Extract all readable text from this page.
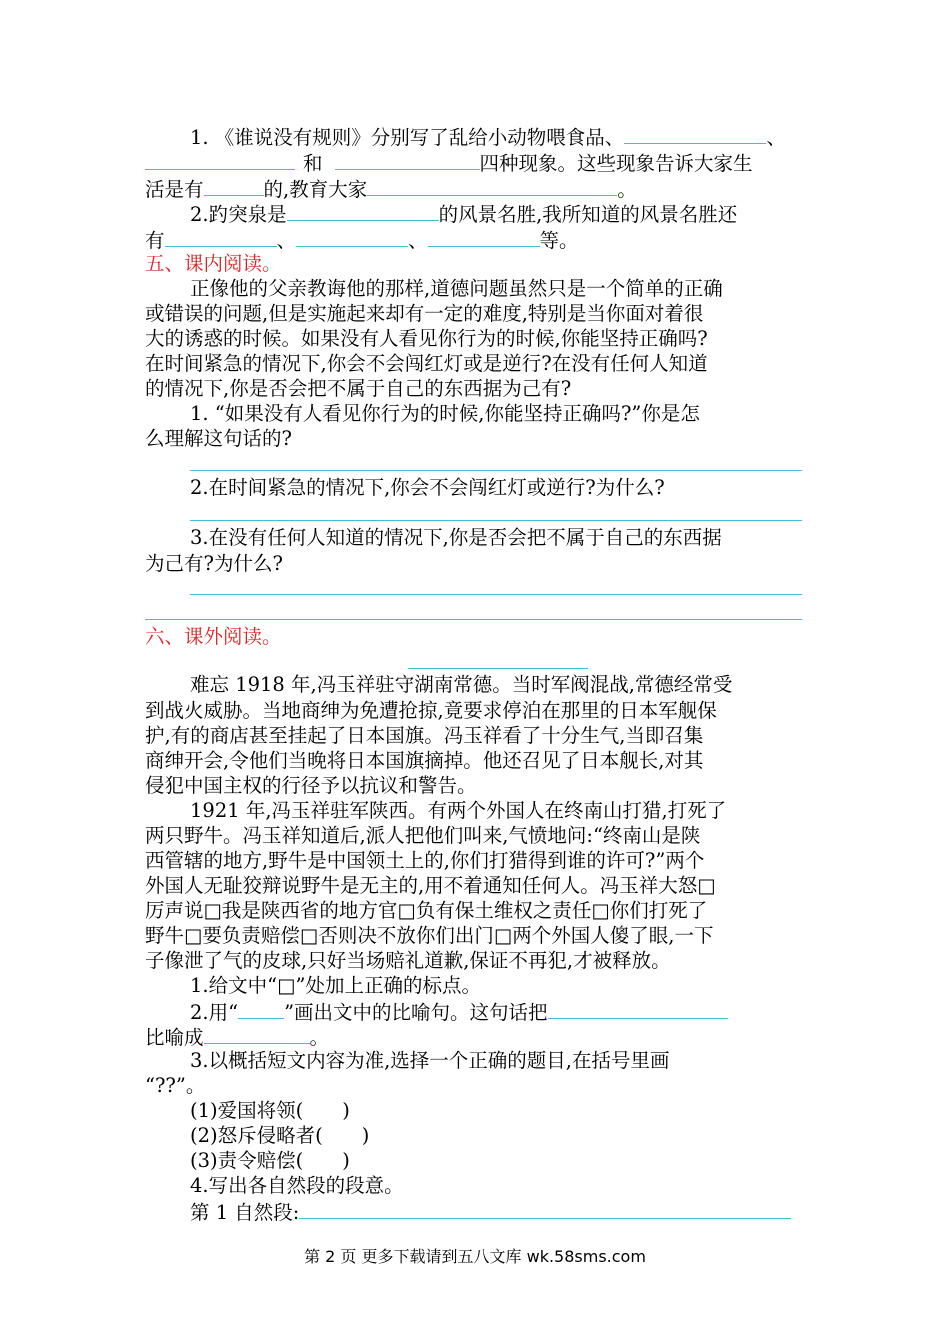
1. 《谁说没有规则》分别写了乱给小动物喂食品、	、
和	四种现象。这些现象告诉大家生
活是有	的,教育大家	。
2.趵突泉是	的风景名胜,我所知道的风景名胜还
有	、	、	等。
五、课内阅读。
正像他的父亲教诲他的那样,道德问题虽然只是一个简单的正确
或错误的问题,但是实施起来却有一定的难度,特别是当你面对着很
大的诱惑的时候。如果没有人看见你行为的时候,你能坚持正确吗?
在时间紧急的情况下,你会不会闯红灯或是逆行?在没有任何人知道
的情况下,你是否会把不属于自己的东西据为己有?
1. “如果没有人看见你行为的时候,你能坚持正确吗?”你是怎
么理解这句话的?
2.在时间紧急的情况下,你会不会闯红灯或逆行?为什么?
3.在没有任何人知道的情况下,你是否会把不属于自己的东西据
为己有?为什么?
六、课外阅读。
难忘 1918 年,冯玉祥驻守湖南常德。当时军阀混战,常德经常受
到战火威胁。当地商绅为免遭抢掠,竟要求停泊在那里的日本军舰保
护,有的商店甚至挂起了日本国旗。冯玉祥看了十分生气,当即召集
商绅开会,令他们当晚将日本国旗摘掉。他还召见了日本舰长,对其
侵犯中国主权的行径予以抗议和警告。
1921 年,冯玉祥驻军陕西。有两个外国人在终南山打猎,打死了
两只野牛。冯玉祥知道后,派人把他们叫来,气愤地问:“终南山是陕
西管辖的地方,野牛是中国领土上的,你们打猎得到谁的许可?”两个
外国人无耻狡辩说野牛是无主的,用不着通知任何人。冯玉祥大怒□
厉声说□我是陕西省的地方官□负有保土维权之责任□你们打死了
野牛□要负责赔偿□否则决不放你们出门□两个外国人傻了眼,一下
子像泄了气的皮球,只好当场赔礼道歉,保证不再犯,才被释放。
1.给文中“□”处加上正确的标点。
2.用“ ”画出文中的比喻句。这句话把
比喻成	。
3.以概括短文内容为准,选择一个正确的题目,在括号里画
“??”。
(1)爱国将领(　　)
(2)怒斥侵略者(　　)
(3)责令赔偿(　　)
4.写出各自然段的段意。
第 1 自然段:
第 2 页 更多下载请到五八文库 wk.58sms.com
